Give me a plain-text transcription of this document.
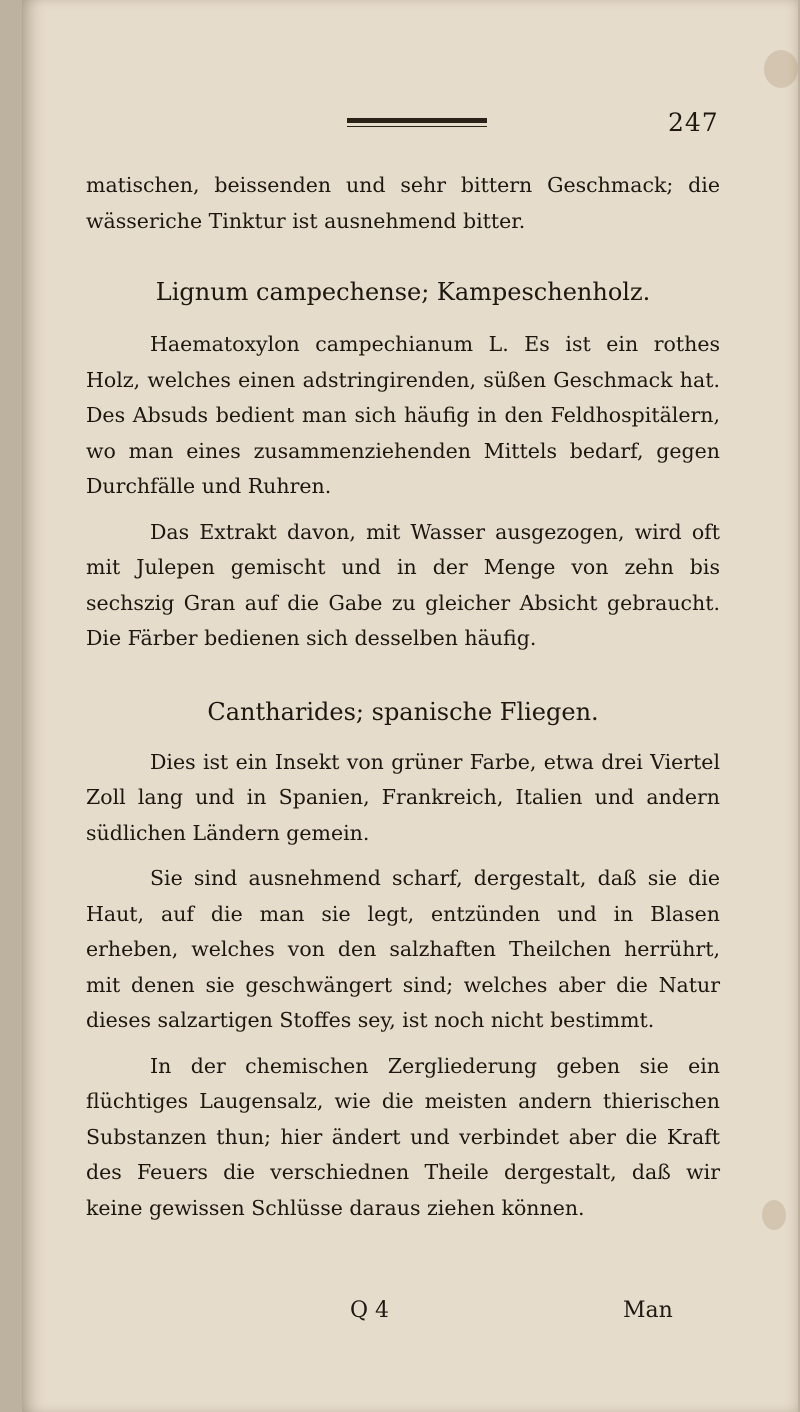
247

matischen, beissenden und sehr bittern Geschmack; die wässeriche Tinktur ist ausnehmend bitter.

Lignum campechense; Kampeschenholz.

Haematoxylon campechianum L. Es ist ein rothes Holz, welches einen adstringirenden, süßen Geschmack hat. Des Absuds bedient man sich häufig in den Feldhospitälern, wo man eines zusammenziehenden Mittels bedarf, gegen Durchfälle und Ruhren.

Das Extrakt davon, mit Wasser ausgezogen, wird oft mit Julepen gemischt und in der Menge von zehn bis sechszig Gran auf die Gabe zu gleicher Absicht gebraucht. Die Färber bedienen sich desselben häufig.

Cantharides; spanische Fliegen.

Dies ist ein Insekt von grüner Farbe, etwa drei Viertel Zoll lang und in Spanien, Frankreich, Italien und andern südlichen Ländern gemein.

Sie sind ausnehmend scharf, dergestalt, daß sie die Haut, auf die man sie legt, entzünden und in Blasen erheben, welches von den salzhaften Theilchen herrührt, mit denen sie geschwängert sind; welches aber die Natur dieses salzartigen Stoffes sey, ist noch nicht bestimmt.

In der chemischen Zergliederung geben sie ein flüchtiges Laugensalz, wie die meisten andern thierischen Substanzen thun; hier ändert und verbindet aber die Kraft des Feuers die verschiednen Theile dergestalt, daß wir keine gewissen Schlüsse daraus ziehen können.

Q 4	Man
